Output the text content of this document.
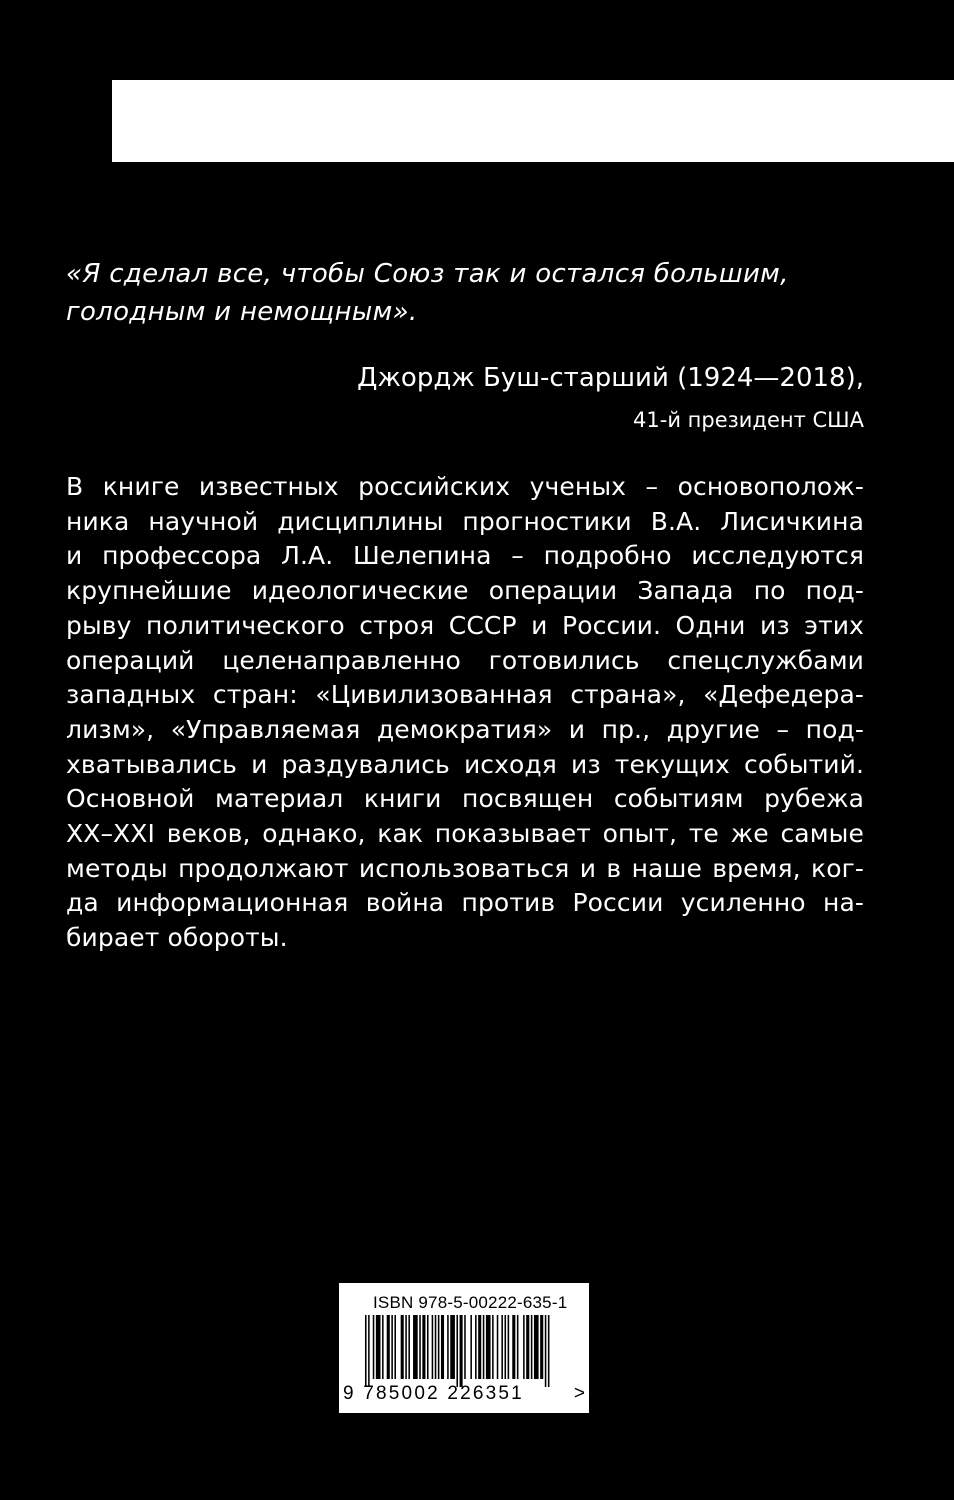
«Я сделал все, чтобы Союз так и остался большим,
голодным и немощным».
Джордж Буш-старший (1924—2018),
41-й президент США
В книге известных российских ученых – основополож-
ника научной дисциплины прогностики В.А. Лисичкина
и профессора Л.А. Шелепина – подробно исследуются
крупнейшие идеологические операции Запада по под-
рыву политического строя СССР и России. Одни из этих
операций целенаправленно готовились спецслужбами
западных стран: «Цивилизованная страна», «Дефедера-
лизм», «Управляемая демократия» и пр., другие – под-
хватывались и раздувались исходя из текущих событий.
Основной материал книги посвящен событиям рубежа
XX–XXI веков, однако, как показывает опыт, те же самые
методы продолжают использоваться и в наше время, ког-
да информационная война против России усиленно на-
бирает обороты.
ISBN 978-5-00222-635-1
9 785002 226351	>
